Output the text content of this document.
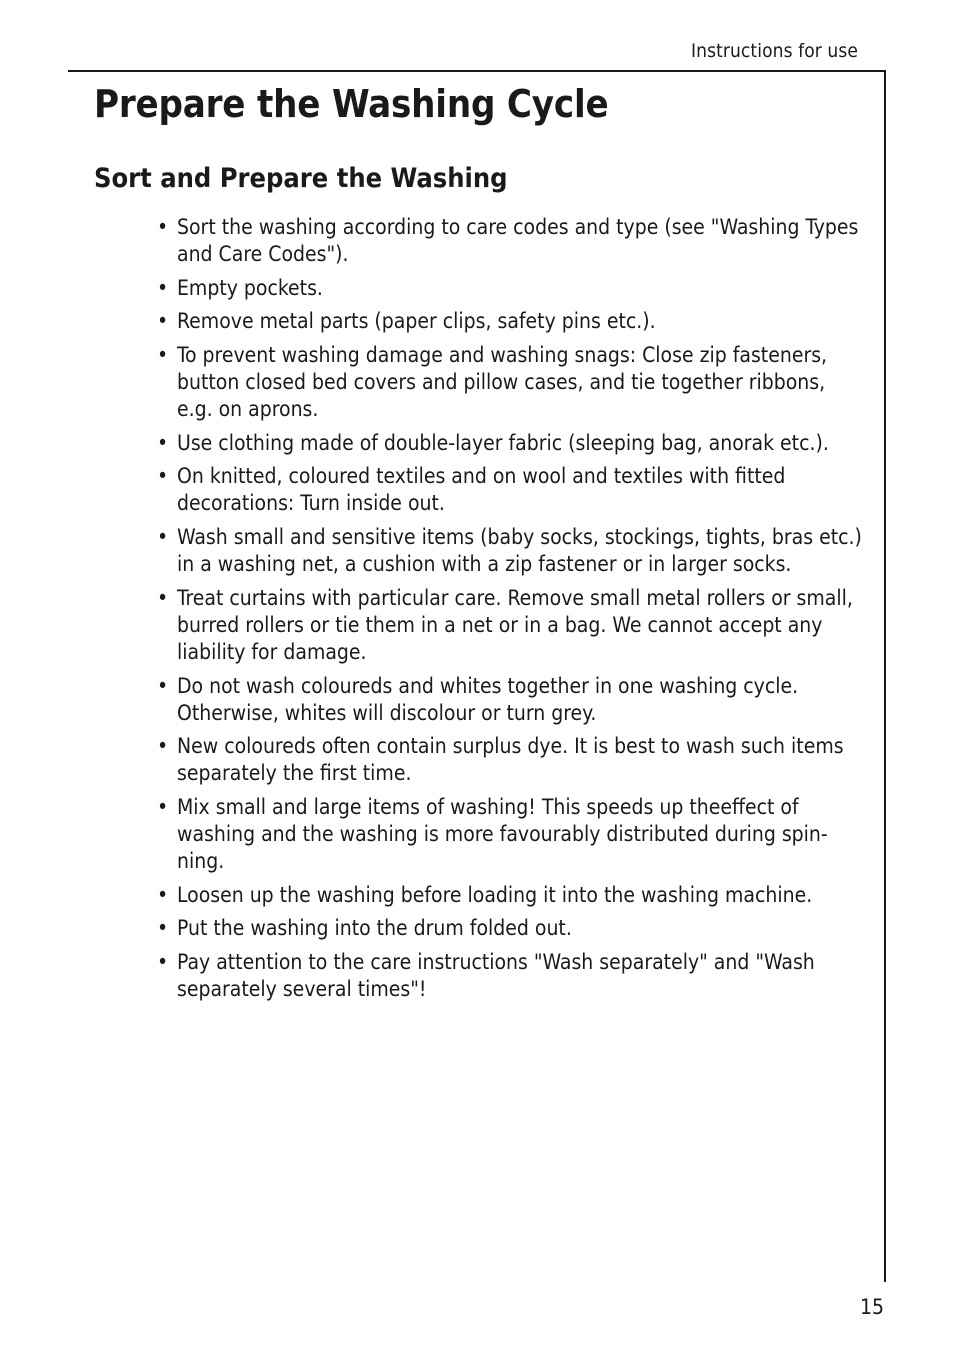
Instructions for use
Prepare the Washing Cycle
Sort and Prepare the Washing
• Sort the washing according to care codes and type (see "Washing Types and Care Codes").
• Empty pockets.
• Remove metal parts (paper clips, safety pins etc.).
• To prevent washing damage and washing snags: Close zip fasteners, button closed bed covers and pillow cases, and tie together ribbons, e.g. on aprons.
• Use clothing made of double-layer fabric (sleeping bag, anorak etc.).
• On knitted, coloured textiles and on wool and textiles with fitted decorations: Turn inside out.
• Wash small and sensitive items (baby socks, stockings, tights, bras etc.) in a washing net, a cushion with a zip fastener or in larger socks.
• Treat curtains with particular care. Remove small metal rollers or small, burred rollers or tie them in a net or in a bag. We cannot accept any liability for damage.
• Do not wash coloureds and whites together in one washing cycle. Otherwise, whites will discolour or turn grey.
• New coloureds often contain surplus dye. It is best to wash such items separately the first time.
• Mix small and large items of washing! This speeds up theeffect of washing and the washing is more favourably distributed during spin-ning.
• Loosen up the washing before loading it into the washing machine.
• Put the washing into the drum folded out.
• Pay attention to the care instructions "Wash separately" and "Wash separately several times"!
15
